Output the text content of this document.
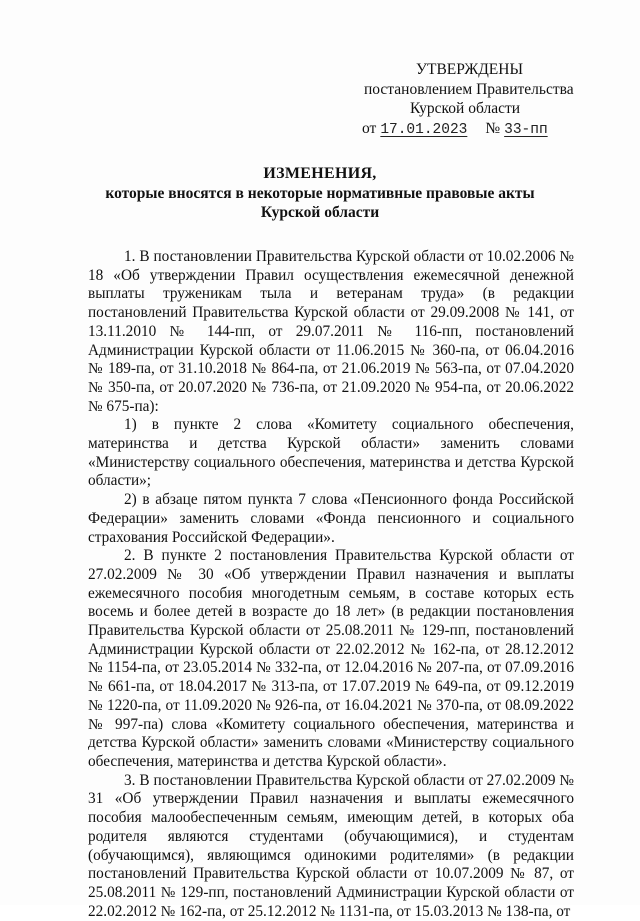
УТВЕРЖДЕНЫ
постановлением Правительства
Курской области
от 17.01.2023 № 33-пп
ИЗМЕНЕНИЯ,
которые вносятся в некоторые нормативные правовые акты
Курской области

1. В постановлении Правительства Курской области от 10.02.2006 № 18 «Об утверждении Правил осуществления ежемесячной денежной выплаты труженикам тыла и ветеранам труда» (в редакции постановлений Правительства Курской области от 29.09.2008 № 141, от 13.11.2010 № 144-пп, от 29.07.2011 № 116-пп, постановлений Администрации Курской области от 11.06.2015 № 360-па, от 06.04.2016 № 189-па, от 31.10.2018 № 864-па, от 21.06.2019 № 563-па, от 07.04.2020 № 350-па, от 20.07.2020 № 736-па, от 21.09.2020 № 954-па, от 20.06.2022 № 675-па):

1) в пункте 2 слова «Комитету социального обеспечения, материнства и детства Курской области» заменить словами «Министерству социального обеспечения, материнства и детства Курской области»;

2) в абзаце пятом пункта 7 слова «Пенсионного фонда Российской Федерации» заменить словами «Фонда пенсионного и социального страхования Российской Федерации».

2. В пункте 2 постановления Правительства Курской области от 27.02.2009 № 30 «Об утверждении Правил назначения и выплаты ежемесячного пособия многодетным семьям, в составе которых есть восемь и более детей в возрасте до 18 лет» (в редакции постановления Правительства Курской области от 25.08.2011 № 129-пп, постановлений Администрации Курской области от 22.02.2012 № 162-па, от 28.12.2012 № 1154-па, от 23.05.2014 № 332-па, от 12.04.2016 № 207-па, от 07.09.2016 № 661-па, от 18.04.2017 № 313-па, от 17.07.2019 № 649-па, от 09.12.2019 № 1220-па, от 11.09.2020 № 926-па, от 16.04.2021 № 370-па, от 08.09.2022 № 997-па) слова «Комитету социального обеспечения, материнства и детства Курской области» заменить словами «Министерству социального обеспечения, материнства и детства Курской области».

3. В постановлении Правительства Курской области от 27.02.2009 № 31 «Об утверждении Правил назначения и выплаты ежемесячного пособия малообеспеченным семьям, имеющим детей, в которых оба родителя являются студентами (обучающимися), и студентам (обучающимся), являющимся одинокими родителями» (в редакции постановлений Правительства Курской области от 10.07.2009 № 87, от 25.08.2011 № 129-пп, постановлений Администрации Курской области от 22.02.2012 № 162-па, от 25.12.2012 № 1131-па, от 15.03.2013 № 138-па, от
